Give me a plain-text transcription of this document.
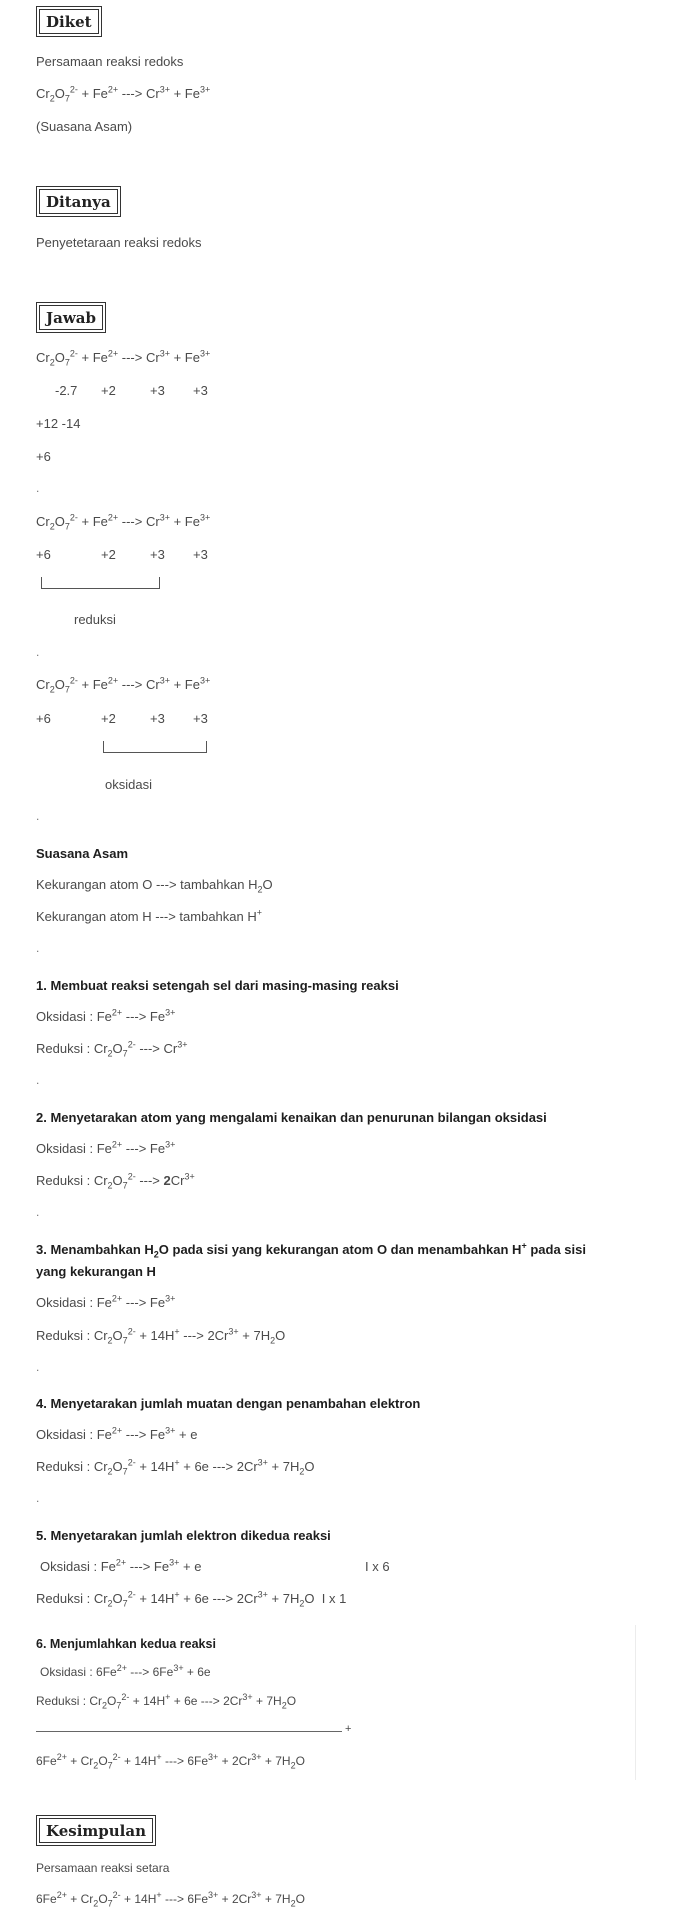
Diket
Persamaan reaksi redoks
$Cr_2O_7^{2-} + Fe^{2+}$ ---> $Cr^{3+} + Fe^{3+}$
(Suasana Asam)
Ditanya
Penyetetaraan reaksi redoks
Jawab
$Cr_2O_7^{2-} + Fe^{2+}$ ---> $Cr^{3+} + Fe^{3+}$
-2.7 +2	+3 +3
+12 -14
+6
.
$Cr_2O_7^{2-} + Fe^{2+}$ ---> $Cr^{3+} + Fe^{3+}$
+6	+2	+3 +3
reduksi
.
$Cr_2O_7^{2-} + Fe^{2+}$ ---> $Cr^{3+} + Fe^{3+}$
+6	+2	+3 +3
oksidasi
.
Suasana Asam
Kekurangan atom O ---> tambahkan $H_2O$
Kekurangan atom H ---> tambahkan H+
.
1. Membuat reaksi setengah sel dari masing-masing reaksi
Oksidasi : $Fe^{2+}$ ---> $Fe^{3+}$
Reduksi : $Cr_2O_7^{2-}$ ---> $Cr^{3+}$
.
2. Menyetarakan atom yang mengalami kenaikan dan penurunan bilangan oksidasi
Oksidasi : $Fe^{2+}$ ---> $Fe^{3+}$
Reduksi : $Cr_2O_7^{2-}$ ---> $2Cr^{3+}$
.
3. Menambahkan $H_2O$ pada sisi yang kekurangan atom O dan menambahkan H+ pada sisi
yang kekurangan H
Oksidasi : $Fe^{2+}$ ---> $Fe^{3+}$
Reduksi : $Cr_2O_7^{2-} + 14H^+$ ---> $2Cr^{3+} + 7H_2O$
.
4. Menyetarakan jumlah muatan dengan penambahan elektron
Oksidasi : $Fe^{2+}$ ---> $Fe^{3+} + e$
Reduksi : $Cr_2O_7^{2-} + 14H^+ + 6e$ ---> $2Cr^{3+} + 7H_2O$
.
5. Menyetarakan jumlah elektron dikedua reaksi
Oksidasi : $Fe^{2+}$ ---> $Fe^{3+} + e$	I x 6
Reduksi : $Cr_2O_7^{2-} + 14H^+ + 6e$ ---> $2Cr^{3+} + 7H_2O$  I x 1
6. Menjumlahkan kedua reaksi
Oksidasi : $6Fe^{2+}$ ---> $6Fe^{3+} + 6e$
Reduksi : $Cr_2O_7^{2-} + 14H^+ + 6e$ ---> $2Cr^{3+} + 7H_2O$
+
$6Fe^{2+} + Cr_2O_7^{2-} + 14H^+$ ---> $6Fe^{3+} + 2Cr^{3+} + 7H_2O$
Kesimpulan
Persamaan reaksi setara
$6Fe^{2+} + Cr_2O_7^{2-} + 14H^+$ ---> $6Fe^{3+} + 2Cr^{3+} + 7H_2O$
